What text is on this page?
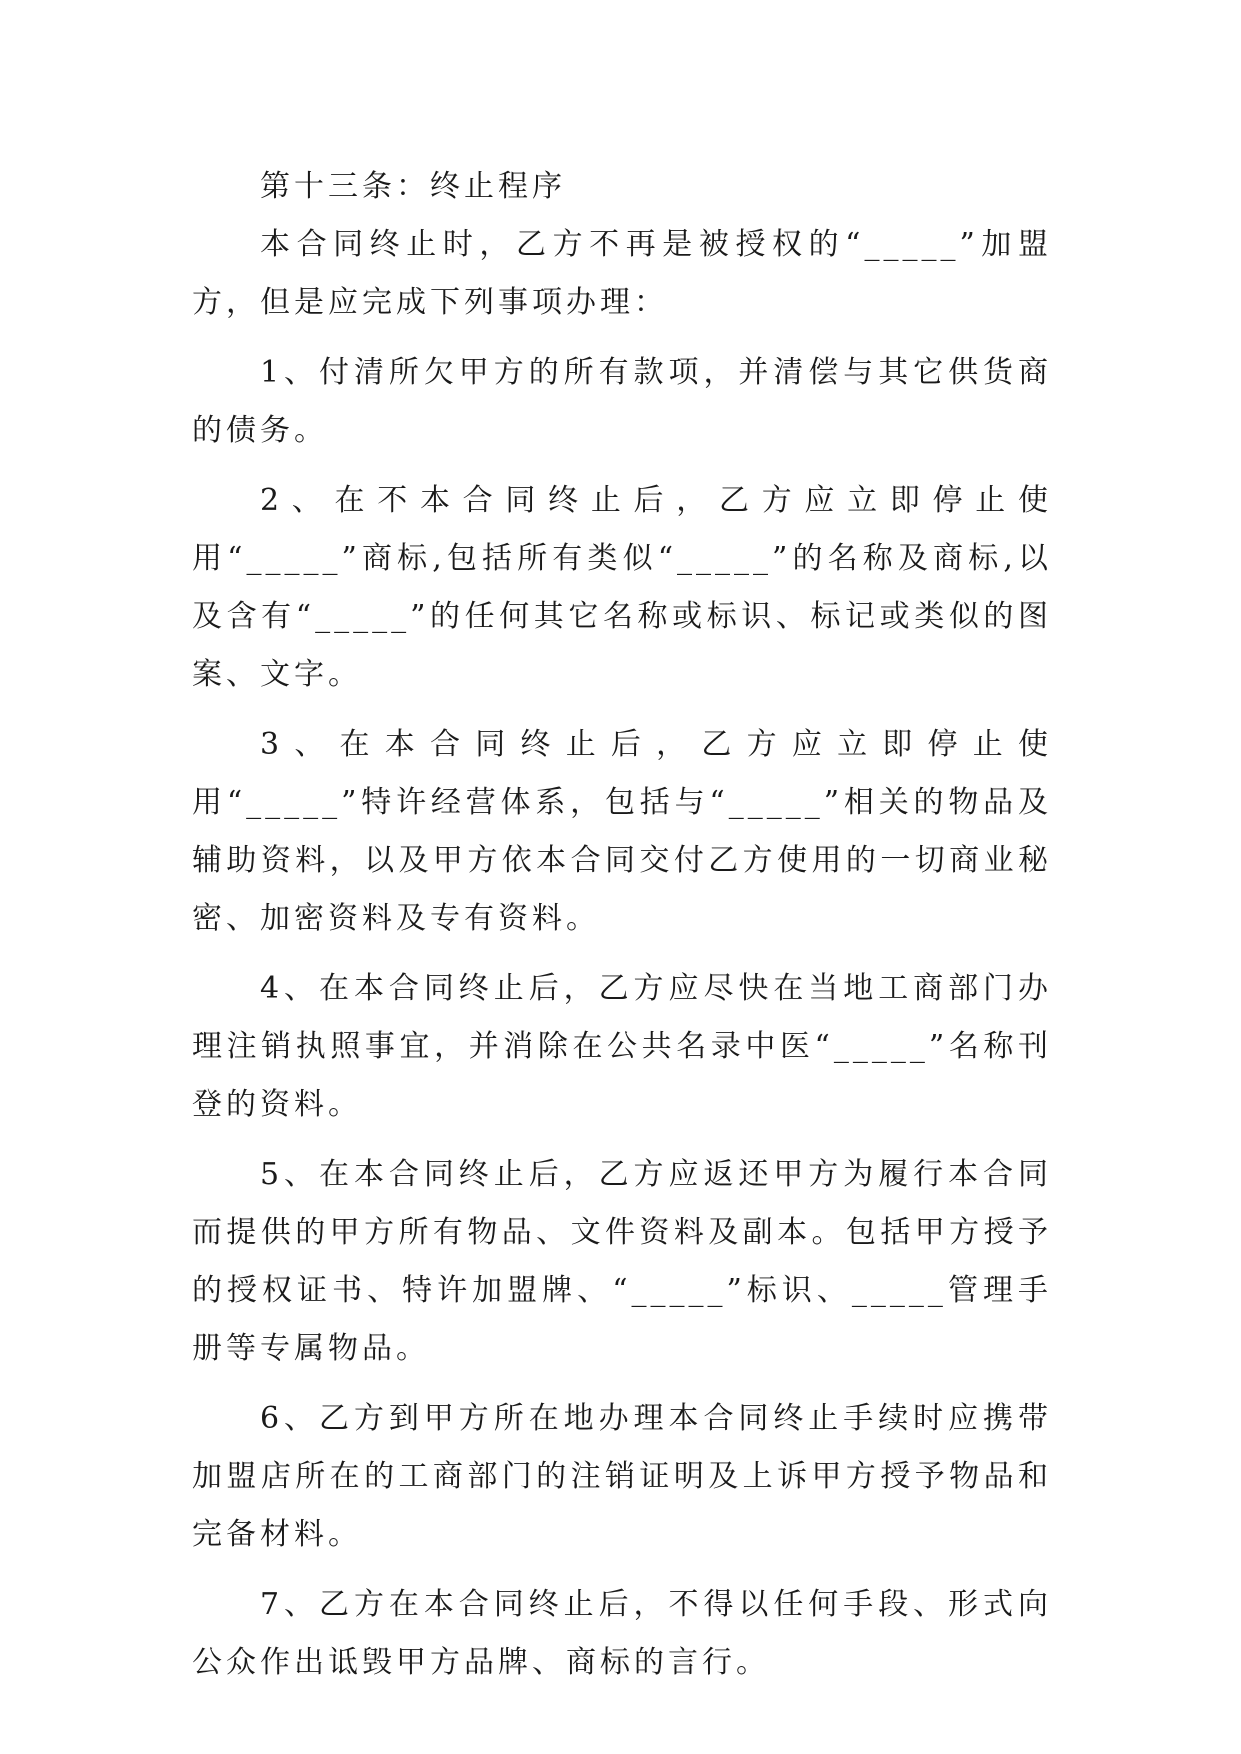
第十三条：终止程序

本合同终止时，乙方不再是被授权的“_____”加盟方，但是应完成下列事项办理：

1、付清所欠甲方的所有款项，并清偿与其它供货商的债务。

2、在不本合同终止后，乙方应立即停止使用“_____”商标,包括所有类似“_____”的名称及商标,以及含有“_____”的任何其它名称或标识、标记或类似的图案、文字。

3、在本合同终止后，乙方应立即停止使用“_____”特许经营体系，包括与“_____”相关的物品及辅助资料，以及甲方依本合同交付乙方使用的一切商业秘密、加密资料及专有资料。

4、在本合同终止后，乙方应尽快在当地工商部门办理注销执照事宜，并消除在公共名录中医“_____”名称刊登的资料。

5、在本合同终止后，乙方应返还甲方为履行本合同而提供的甲方所有物品、文件资料及副本。包括甲方授予的授权证书、特许加盟牌、“_____”标识、_____管理手册等专属物品。

6、乙方到甲方所在地办理本合同终止手续时应携带加盟店所在的工商部门的注销证明及上诉甲方授予物品和完备材料。

7、乙方在本合同终止后，不得以任何手段、形式向公众作出诋毁甲方品牌、商标的言行。
